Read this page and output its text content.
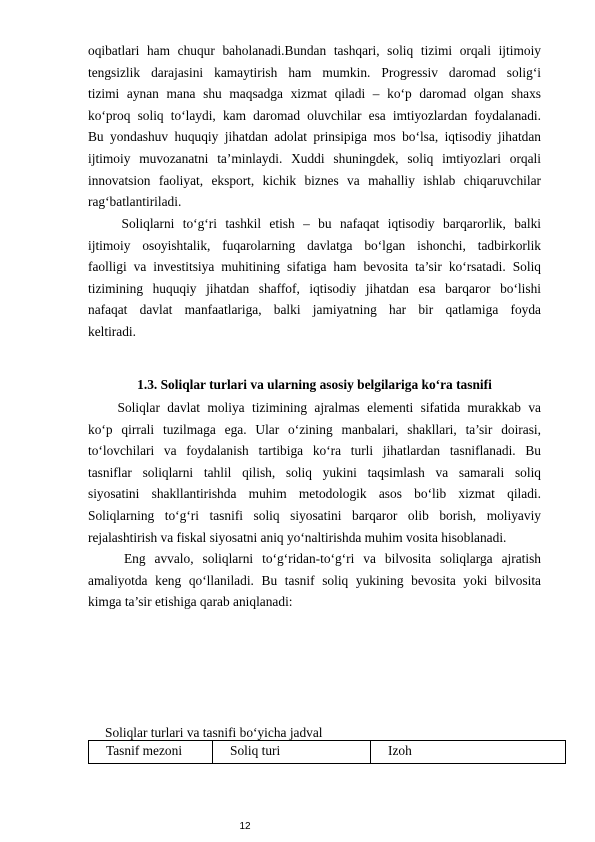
oqibatlari ham chuqur baholanadi.Bundan tashqari, soliq tizimi orqali ijtimoiy
tengsizlik darajasini kamaytirish ham mumkin. Progressiv daromad solig‘i
tizimi aynan mana shu maqsadga xizmat qiladi – ko‘p daromad olgan shaxs
ko‘proq soliq to‘laydi, kam daromad oluvchilar esa imtiyozlardan foydalanadi.
Bu yondashuv huquqiy jihatdan adolat prinsipiga mos bo‘lsa, iqtisodiy jihatdan
ijtimoiy muvozanatni ta’minlaydi. Xuddi shuningdek, soliq imtiyozlari orqali
innovatsion faoliyat, eksport, kichik biznes va mahalliy ishlab chiqaruvchilar
rag‘batlantiriladi.
Soliqlarni to‘g‘ri tashkil etish – bu nafaqat iqtisodiy barqarorlik, balki
ijtimoiy osoyishtalik, fuqarolarning davlatga bo‘lgan ishonchi, tadbirkorlik
faolligi va investitsiya muhitining sifatiga ham bevosita ta’sir ko‘rsatadi. Soliq
tizimining huquqiy jihatdan shaffof, iqtisodiy jihatdan esa barqaror bo‘lishi
nafaqat davlat manfaatlariga, balki jamiyatning har bir qatlamiga foyda
keltiradi.
1.3. Soliqlar turlari va ularning asosiy belgilariga ko‘ra tasnifi
Soliqlar davlat moliya tizimining ajralmas elementi sifatida murakkab va
ko‘p qirrali tuzilmaga ega. Ular o‘zining manbalari, shakllari, ta’sir doirasi,
to‘lovchilari va foydalanish tartibiga ko‘ra turli jihatlardan tasniflanadi. Bu
tasniflar soliqlarni tahlil qilish, soliq yukini taqsimlash va samarali soliq
siyosatini shakllantirishda muhim metodologik asos bo‘lib xizmat qiladi.
Soliqlarning to‘g‘ri tasnifi soliq siyosatini barqaror olib borish, moliyaviy
rejalashtirish va fiskal siyosatni aniq yo‘naltirishda muhim vosita hisoblanadi.
Eng avvalo, soliqlarni to‘g‘ridan-to‘g‘ri va bilvosita soliqlarga ajratish
amaliyotda keng qo‘llaniladi. Bu tasnif soliq yukining bevosita yoki bilvosita
kimga ta’sir etishiga qarab aniqlanadi:
Soliqlar turlari va tasnifi bo‘yicha jadval
Tasnif mezoni	Soliq turi	Izoh
12
